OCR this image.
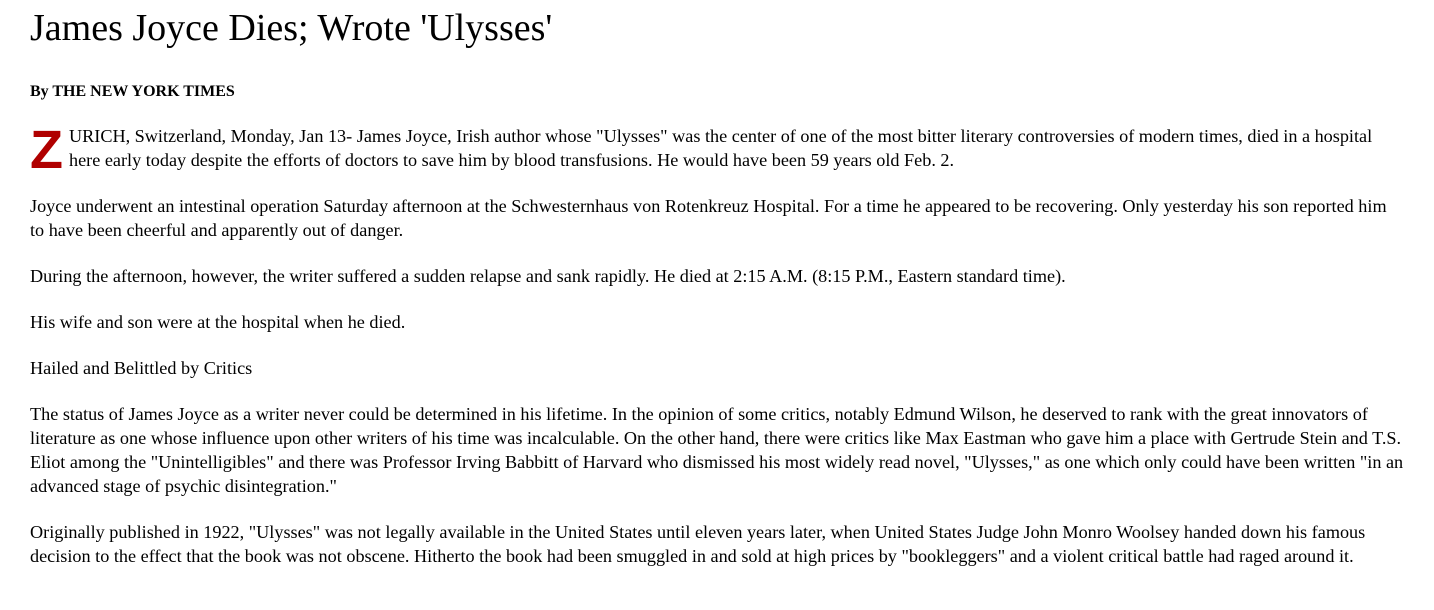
James Joyce Dies; Wrote 'Ulysses'
By THE NEW YORK TIMES

ZURICH, Switzerland, Monday, Jan 13- James Joyce, Irish author whose "Ulysses" was the center of one of the most bitter literary controversies of modern times, died in a hospital here early today despite the efforts of doctors to save him by blood transfusions. He would have been 59 years old Feb. 2.

Joyce underwent an intestinal operation Saturday afternoon at the Schwesternhaus von Rotenkreuz Hospital. For a time he appeared to be recovering. Only yesterday his son reported him to have been cheerful and apparently out of danger.

During the afternoon, however, the writer suffered a sudden relapse and sank rapidly. He died at 2:15 A.M. (8:15 P.M., Eastern standard time).

His wife and son were at the hospital when he died.

Hailed and Belittled by Critics

The status of James Joyce as a writer never could be determined in his lifetime. In the opinion of some critics, notably Edmund Wilson, he deserved to rank with the great innovators of literature as one whose influence upon other writers of his time was incalculable. On the other hand, there were critics like Max Eastman who gave him a place with Gertrude Stein and T.S. Eliot among the "Unintelligibles" and there was Professor Irving Babbitt of Harvard who dismissed his most widely read novel, "Ulysses," as one which only could have been written "in an advanced stage of psychic disintegration."

Originally published in 1922, "Ulysses" was not legally available in the United States until eleven years later, when United States Judge John Monro Woolsey handed down his famous decision to the effect that the book was not obscene. Hitherto the book had been smuggled in and sold at high prices by "bookleggers" and a violent critical battle had raged around it.
